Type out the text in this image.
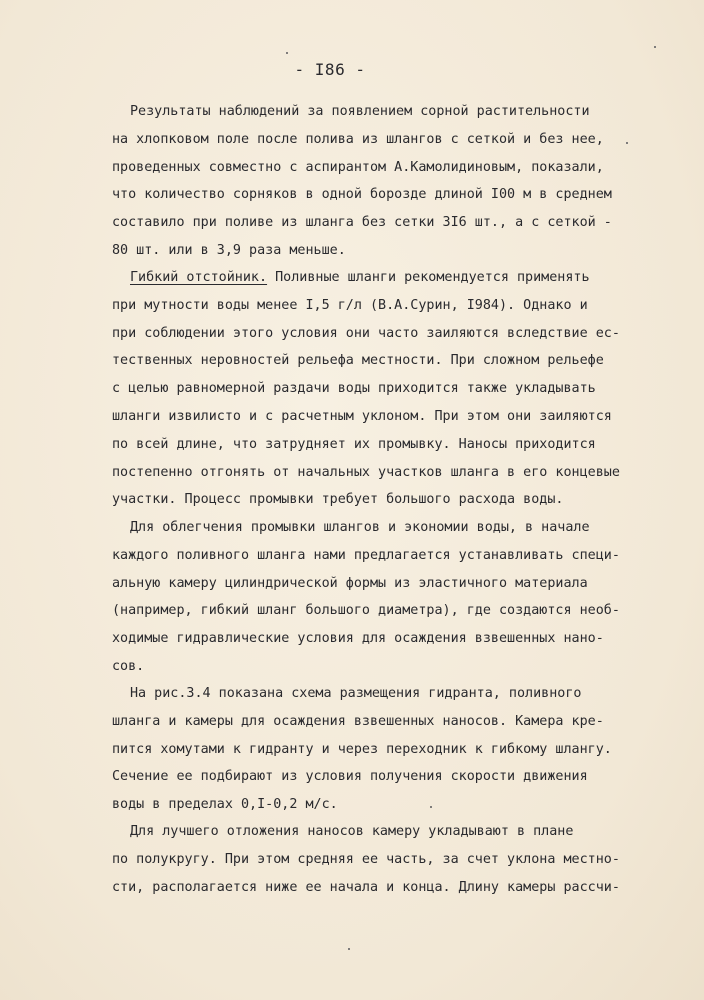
- I86 -
Результаты наблюдений за появлением сорной растительности
на хлопковом поле после полива из шлангов с сеткой и без нее,
проведенных совместно с аспирантом А.Камолидиновым, показали,
что количество сорняков в одной борозде длиной I00 м в среднем
составило при поливе из шланга без сетки 3I6 шт., а с сеткой -
80 шт. или в 3,9 раза меньше.
Гибкий отстойник. Поливные шланги рекомендуется применять
при мутности воды менее I,5 г/л (В.А.Сурин, I984). Однако и
при соблюдении этого условия они часто заиляются вследствие ес-
тественных неровностей рельефа местности. При сложном рельефе
с целью равномерной раздачи воды приходится также укладывать
шланги извилисто и с расчетным уклоном. При этом они заиляются
по всей длине, что затрудняет их промывку. Наносы приходится
постепенно отгонять от начальных участков шланга в его концевые
участки. Процесс промывки требует большого расхода воды.
Для облегчения промывки шлангов и экономии воды, в начале
каждого поливного шланга нами предлагается устанавливать специ-
альную камеру цилиндрической формы из эластичного материала
(например, гибкий шланг большого диаметра), где создаются необ-
ходимые гидравлические условия для осаждения взвешенных нано-
сов.
На рис.3.4 показана схема размещения гидранта, поливного
шланга и камеры для осаждения взвешенных наносов. Камера кре-
пится хомутами к гидранту и через переходник к гибкому шлангу.
Сечение ее подбирают из условия получения скорости движения
воды в пределах 0,I-0,2 м/с.
Для лучшего отложения наносов камеру укладывают в плане
по полукругу. При этом средняя ее часть, за счет уклона местно-
сти, располагается ниже ее начала и конца. Длину камеры рассчи-
